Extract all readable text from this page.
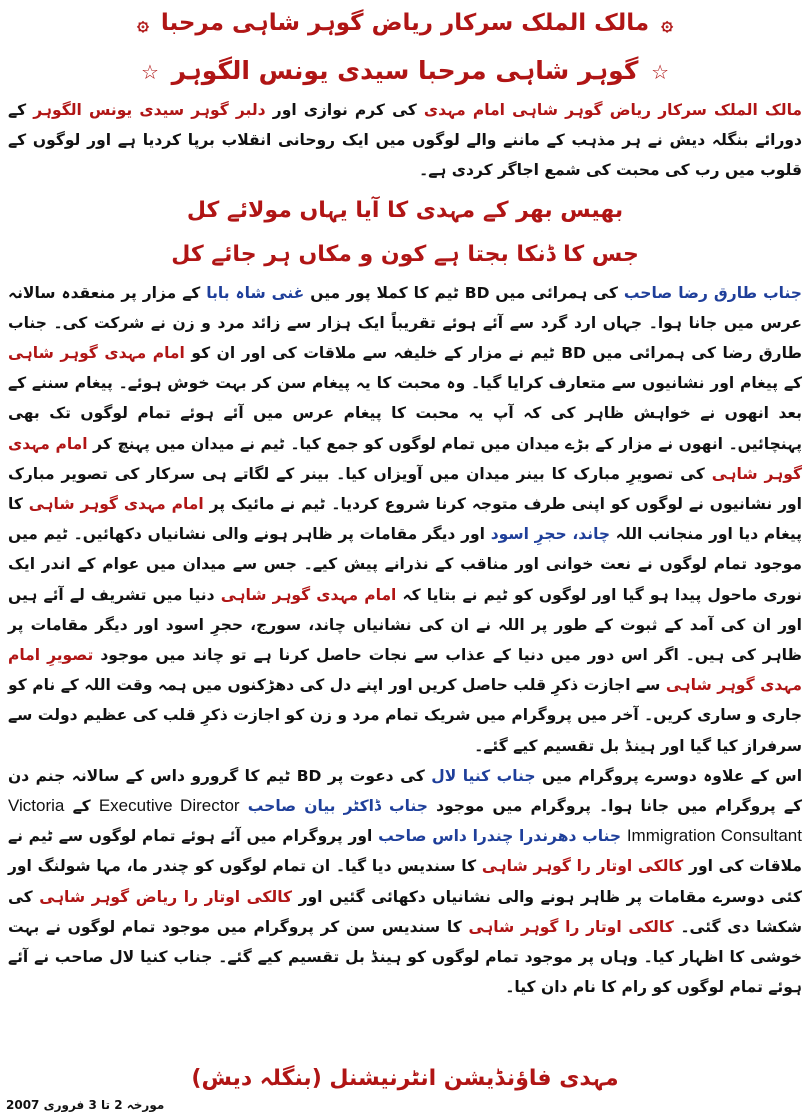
۞ مالک الملک سرکار ریاض گوہر شاہی مرحبا ۞
☆ گوہر شاہی مرحبا سیدی یونس الگوہر ☆

مالک الملک سرکار ریاض گوہر شاہی امام مہدی کی کرم نوازی اور دلبر گوہر سیدی یونس الگوہر کے دورائے بنگلہ دیش نے ہر مذہب کے ماننے والے لوگوں میں ایک روحانی انقلاب برپا کردیا ہے اور لوگوں کے قلوب میں رب کی محبت کی شمع اجاگر کردی ہے۔

بھیس بھر کے مہدی کا آیا یہاں مولائے کل
جس کا ڈنکا بجتا ہے کون و مکاں ہر جائے کل

جناب طارق رضا صاحب کی ہمرائی میں BD ٹیم کا کملا پور میں غنی شاہ بابا کے مزار پر منعقدہ سالانہ عرس میں جانا ہوا۔ جہاں ارد گرد سے آئے ہوئے تقریباً ایک ہزار سے زائد مرد و زن نے شرکت کی۔ جناب طارق رضا کی ہمرائی میں BD ٹیم نے مزار کے خلیفہ سے ملاقات کی اور ان کو امام مہدی گوہر شاہی کے پیغام اور نشانیوں سے متعارف کرایا گیا۔ وہ محبت کا یہ پیغام سن کر بہت خوش ہوئے۔ پیغام سننے کے بعد انھوں نے خواہش ظاہر کی کہ آپ یہ محبت کا پیغام عرس میں آئے ہوئے تمام لوگوں تک بھی پہنچائیں۔ انھوں نے مزار کے بڑے میدان میں تمام لوگوں کو جمع کیا۔ ٹیم نے میدان میں پہنچ کر امام مہدی گوہر شاہی کی تصویرِ مبارک کا بینر میدان میں آویزاں کیا۔ بینر کے لگاتے ہی سرکار کی تصویر مبارک اور نشانیوں نے لوگوں کو اپنی طرف متوجہ کرنا شروع کردیا۔ ٹیم نے مائیک پر امام مہدی گوہر شاہی کا پیغام دیا اور منجانب اللہ چاند، حجرِ اسود اور دیگر مقامات پر ظاہر ہونے والی نشانیاں دکھائیں۔ ٹیم میں موجود تمام لوگوں نے نعت خوانی اور مناقب کے نذرانے پیش کیے۔ جس سے میدان میں عوام کے اندر ایک نوری ماحول پیدا ہو گیا اور لوگوں کو ٹیم نے بتایا کہ امام مہدی گوہر شاہی دنیا میں تشریف لے آئے ہیں اور ان کی آمد کے ثبوت کے طور پر اللہ نے ان کی نشانیاں چاند، سورج، حجرِ اسود اور دیگر مقامات پر ظاہر کی ہیں۔ اگر اس دور میں دنیا کے عذاب سے نجات حاصل کرنا ہے تو چاند میں موجود تصویرِ امام مہدی گوہر شاہی سے اجازت ذکرِ قلب حاصل کریں اور اپنے دل کی دھڑکنوں میں ہمہ وقت اللہ کے نام کو جاری و ساری کریں۔ آخر میں پروگرام میں شریک تمام مرد و زن کو اجازت ذکرِ قلب کی عظیم دولت سے سرفراز کیا گیا اور ہینڈ بل تقسیم کیے گئے۔

اس کے علاوہ دوسرے پروگرام میں جناب کنیا لال کی دعوت پر BD ٹیم کا گرورو داس کے سالانہ جنم دن کے پروگرام میں جانا ہوا۔ پروگرام میں موجود جناب ڈاکٹر بیان صاحب Executive Director کے Victoria Immigration Consultant جناب دھرندرا چندرا داس صاحب اور پروگرام میں آئے ہوئے تمام لوگوں سے ٹیم نے ملاقات کی اور کالکی اوتار را گوہر شاہی کا سندیس دیا گیا۔ ان تمام لوگوں کو چندر ما، مہا شولنگ اور کئی دوسرے مقامات پر ظاہر ہونے والی نشانیاں دکھائی گئیں اور کالکی اوتار را ریاض گوہر شاہی کی شکشا دی گئی۔ کالکی اوتار را گوہر شاہی کا سندیس سن کر پروگرام میں موجود تمام لوگوں نے بہت خوشی کا اظہار کیا۔ وہاں پر موجود تمام لوگوں کو ہینڈ بل تقسیم کیے گئے۔ جناب کنیا لال صاحب نے آئے ہوئے تمام لوگوں کو رام کا نام دان کیا۔

مہدی فاؤنڈیشن انٹرنیشنل (بنگلہ دیش)
مورخہ 2 تا 3 فروری 2007
